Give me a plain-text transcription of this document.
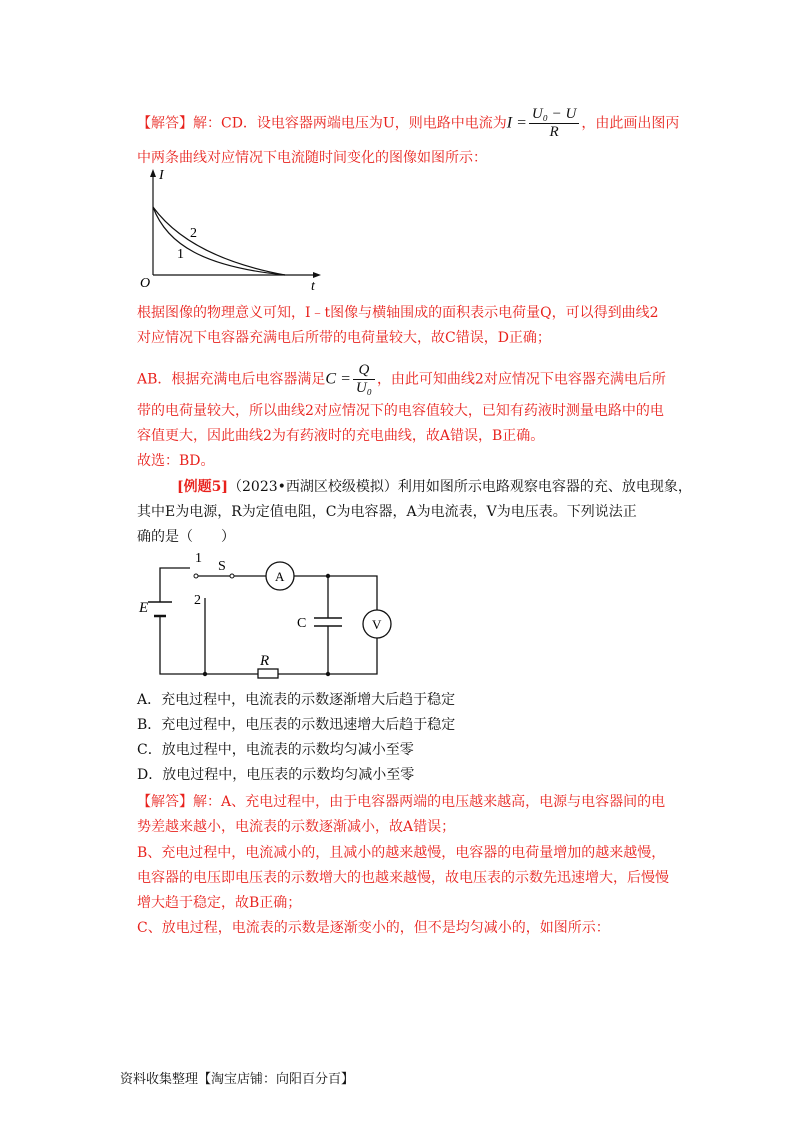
【解答】解：CD．设电容器两端电压为U，则电路中电流为$I = \frac{\text{U₀ − U}}{R}$ ，由此画出图丙
中两条曲线对应情况下电流随时间变化的图像如图所示：
I
t
O
2
1
根据图像的物理意义可知，I﹣t图像与横轴围成的面积表示电荷量Q，可以得到曲线2
对应情况下电容器充满电后所带的电荷量较大，故C错误，D正确；
AB．根据充满电后电容器满足$C = \frac{Q}{\text{U₀}}$ ，由此可知曲线2对应情况下电容器充满电后所
带的电荷量较大，所以曲线2对应情况下的电容值较大，已知有药液时测量电路中的电
容值更大，因此曲线2为有药液时的充电曲线，故A错误，B正确。
故选：BD。
[例题5]（2023•西湖区校级模拟）利用如图所示电路观察电容器的充、放电现象，
其中E为电源，R为定值电阻，C为电容器，A为电流表，V为电压表。下列说法正
确的是（　　）
1
2
S
A
V
C
E
R
A．充电过程中，电流表的示数逐渐增大后趋于稳定
B．充电过程中，电压表的示数迅速增大后趋于稳定
C．放电过程中，电流表的示数均匀减小至零
D．放电过程中，电压表的示数均匀减小至零
【解答】解：A、充电过程中，由于电容器两端的电压越来越高，电源与电容器间的电
势差越来越小，电流表的示数逐渐减小，故A错误；
B、充电过程中，电流减小的，且减小的越来越慢，电容器的电荷量增加的越来越慢，
电容器的电压即电压表的示数增大的也越来越慢，故电压表的示数先迅速增大，后慢慢
增大趋于稳定，故B正确；
C、放电过程，电流表的示数是逐渐变小的，但不是均匀减小的，如图所示：
资料收集整理【淘宝店铺：向阳百分百】
